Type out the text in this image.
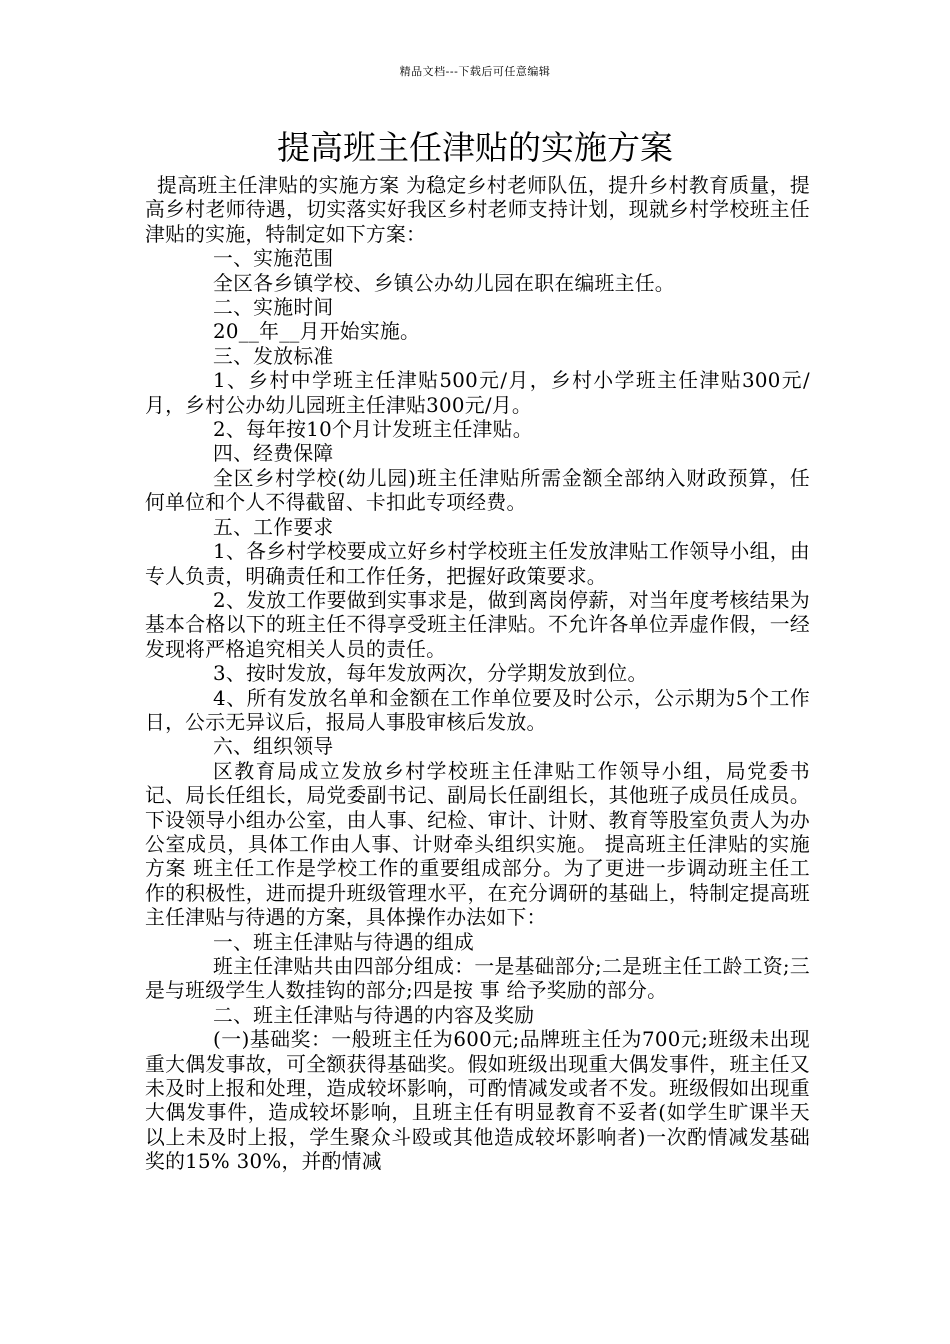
精品文档---下载后可任意编辑
提高班主任津贴的实施方案

提高班主任津贴的实施方案 为稳定乡村老师队伍，提升乡村教育质量，提高乡村老师待遇，切实落实好我区乡村老师支持计划，现就乡村学校班主任津贴的实施，特制定如下方案：

一、实施范围

全区各乡镇学校、乡镇公办幼儿园在职在编班主任。

二、实施时间

20__年__月开始实施。

三、发放标准

1、乡村中学班主任津贴500元/月，乡村小学班主任津贴300元/月，乡村公办幼儿园班主任津贴300元/月。

2、每年按10个月计发班主任津贴。

四、经费保障

全区乡村学校(幼儿园)班主任津贴所需金额全部纳入财政预算，任何单位和个人不得截留、卡扣此专项经费。

五、工作要求

1、各乡村学校要成立好乡村学校班主任发放津贴工作领导小组，由专人负责，明确责任和工作任务，把握好政策要求。

2、发放工作要做到实事求是，做到离岗停薪，对当年度考核结果为基本合格以下的班主任不得享受班主任津贴。不允许各单位弄虚作假，一经发现将严格追究相关人员的责任。

3、按时发放，每年发放两次，分学期发放到位。

4、所有发放名单和金额在工作单位要及时公示，公示期为5个工作日，公示无异议后，报局人事股审核后发放。

六、组织领导

区教育局成立发放乡村学校班主任津贴工作领导小组，局党委书记、局长任组长，局党委副书记、副局长任副组长，其他班子成员任成员。下设领导小组办公室，由人事、纪检、审计、计财、教育等股室负责人为办公室成员，具体工作由人事、计财牵头组织实施。 提高班主任津贴的实施方案 班主任工作是学校工作的重要组成部分。为了更进一步调动班主任工作的积极性，进而提升班级管理水平，在充分调研的基础上，特制定提高班主任津贴与待遇的方案，具体操作办法如下：

一、班主任津贴与待遇的组成

班主任津贴共由四部分组成：一是基础部分;二是班主任工龄工资;三是与班级学生人数挂钩的部分;四是按 事 给予奖励的部分。

二、班主任津贴与待遇的内容及奖励

(一)基础奖：一般班主任为600元;品牌班主任为700元;班级未出现重大偶发事故，可全额获得基础奖。假如班级出现重大偶发事件，班主任又未及时上报和处理，造成较坏影响，可酌情减发或者不发。班级假如出现重大偶发事件，造成较坏影响，且班主任有明显教育不妥者(如学生旷课半天以上未及时上报，学生聚众斗殴或其他造成较坏影响者)一次酌情减发基础奖的15% 30%，并酌情减
